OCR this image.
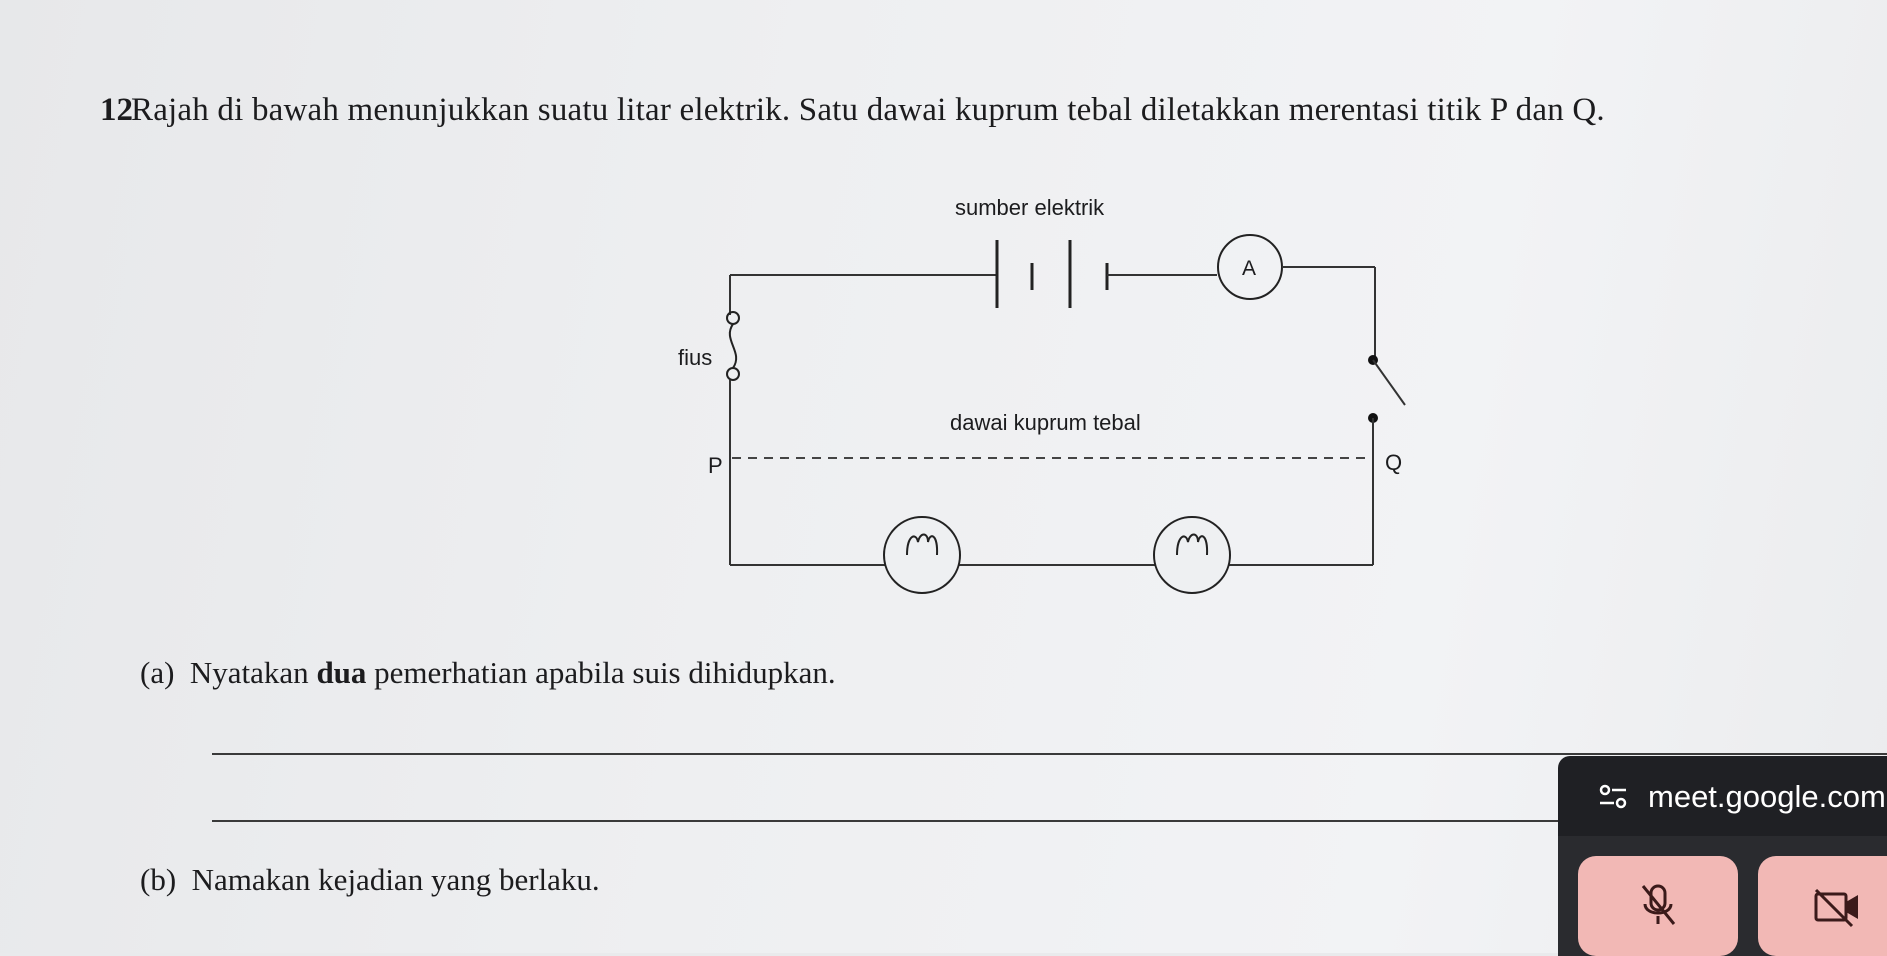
12
Rajah di bawah menunjukkan suatu litar elektrik. Satu dawai kuprum tebal diletakkan merentasi titik P dan Q.
sumber elektrik
A
fius
dawai kuprum tebal
P	Q
(a) Nyatakan dua pemerhatian apabila suis dihidupkan.
(b) Namakan kejadian yang berlaku.
meet.google.com
